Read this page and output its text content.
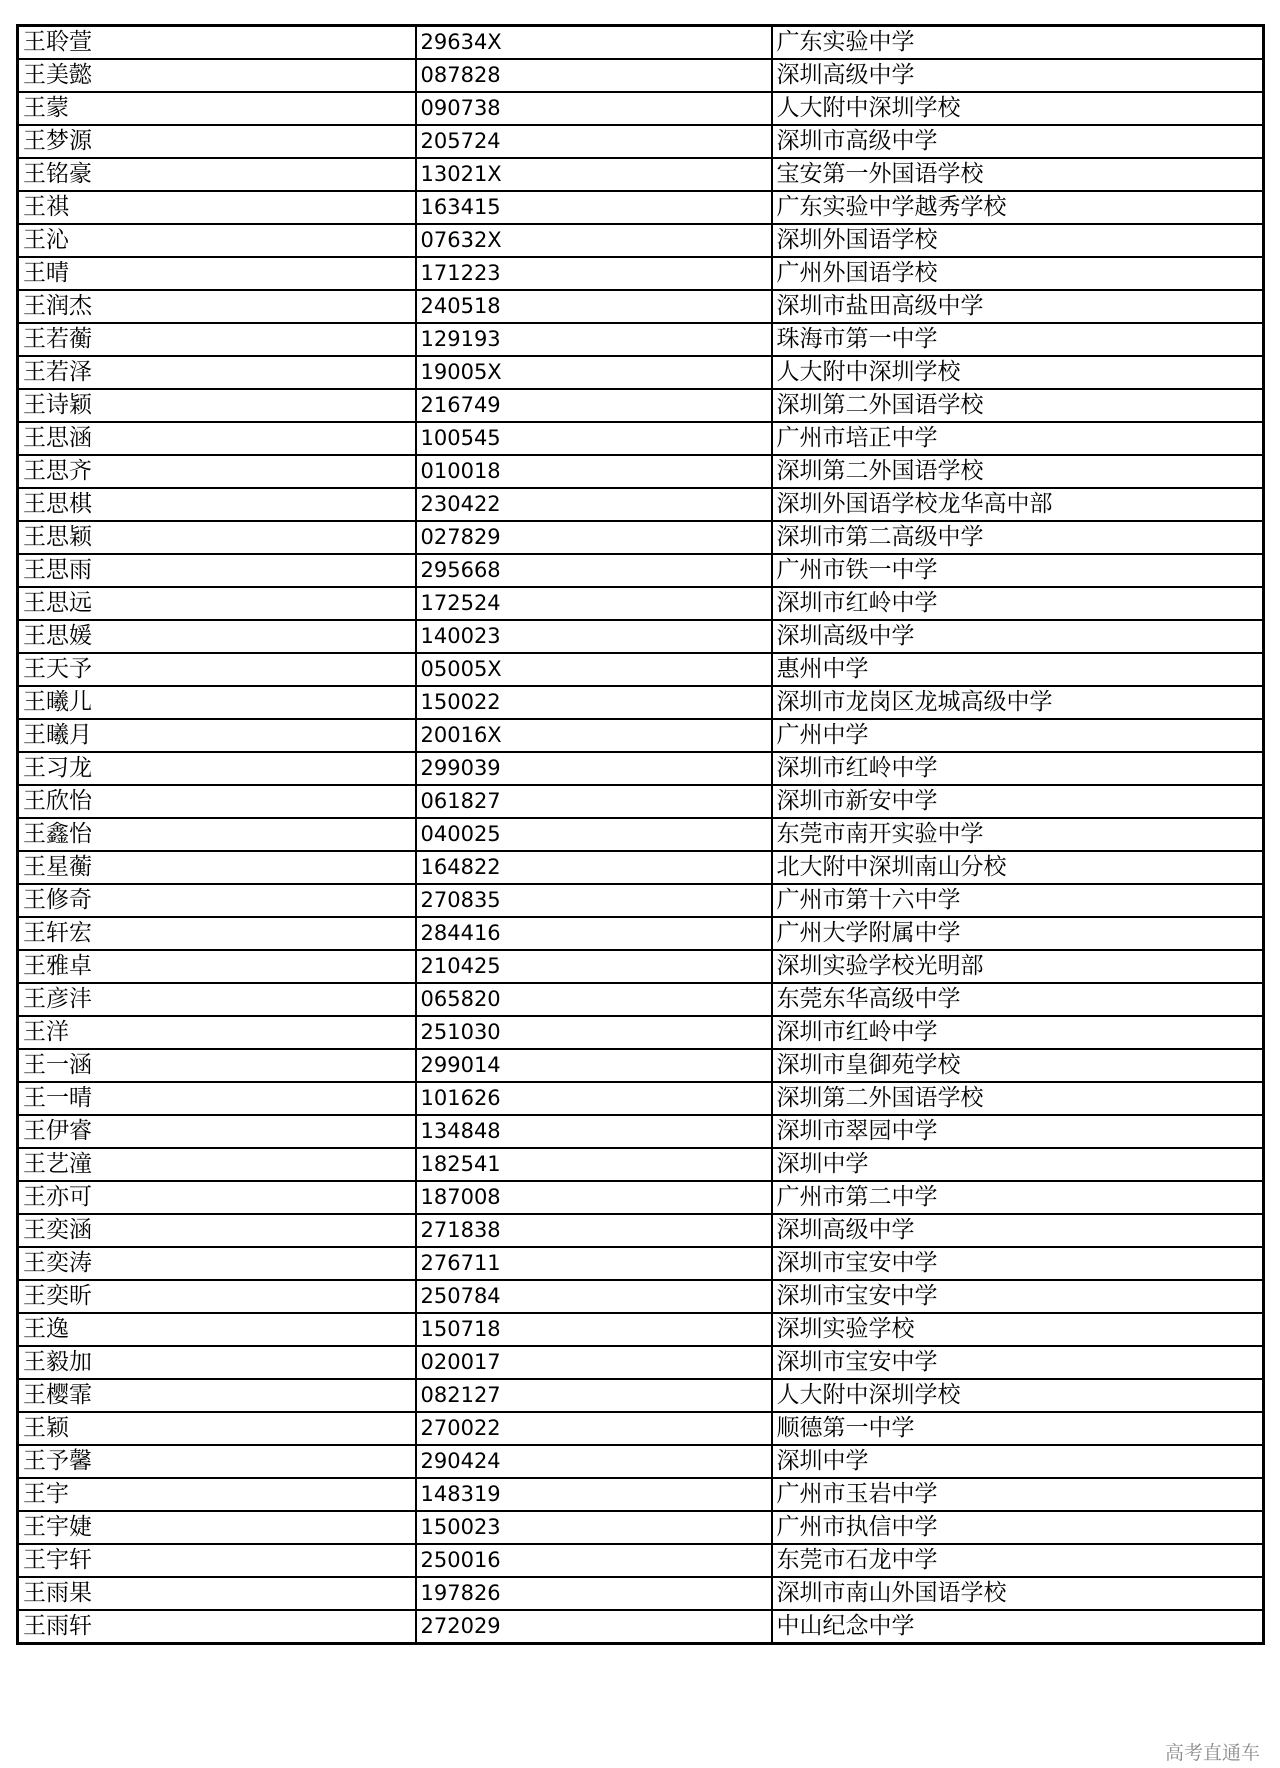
王聆萱	29634X	广东实验中学
王美懿	087828	深圳高级中学
王蒙	090738	人大附中深圳学校
王梦源	205724	深圳市高级中学
王铭豪	13021X	宝安第一外国语学校
王祺	163415	广东实验中学越秀学校
王沁	07632X	深圳外国语学校
王晴	171223	广州外国语学校
王润杰	240518	深圳市盐田高级中学
王若蘅	129193	珠海市第一中学
王若泽	19005X	人大附中深圳学校
王诗颖	216749	深圳第二外国语学校
王思涵	100545	广州市培正中学
王思齐	010018	深圳第二外国语学校
王思棋	230422	深圳外国语学校龙华高中部
王思颖	027829	深圳市第二高级中学
王思雨	295668	广州市铁一中学
王思远	172524	深圳市红岭中学
王思媛	140023	深圳高级中学
王天予	05005X	惠州中学
王曦儿	150022	深圳市龙岗区龙城高级中学
王曦月	20016X	广州中学
王习龙	299039	深圳市红岭中学
王欣怡	061827	深圳市新安中学
王鑫怡	040025	东莞市南开实验中学
王星蘅	164822	北大附中深圳南山分校
王修奇	270835	广州市第十六中学
王轩宏	284416	广州大学附属中学
王雅卓	210425	深圳实验学校光明部
王彦沣	065820	东莞东华高级中学
王洋	251030	深圳市红岭中学
王一涵	299014	深圳市皇御苑学校
王一晴	101626	深圳第二外国语学校
王伊睿	134848	深圳市翠园中学
王艺潼	182541	深圳中学
王亦可	187008	广州市第二中学
王奕涵	271838	深圳高级中学
王奕涛	276711	深圳市宝安中学
王奕昕	250784	深圳市宝安中学
王逸	150718	深圳实验学校
王毅加	020017	深圳市宝安中学
王樱霏	082127	人大附中深圳学校
王颖	270022	顺德第一中学
王予馨	290424	深圳中学
王宇	148319	广州市玉岩中学
王宇婕	150023	广州市执信中学
王宇轩	250016	东莞市石龙中学
王雨果	197826	深圳市南山外国语学校
王雨轩	272029	中山纪念中学
高考直通车
